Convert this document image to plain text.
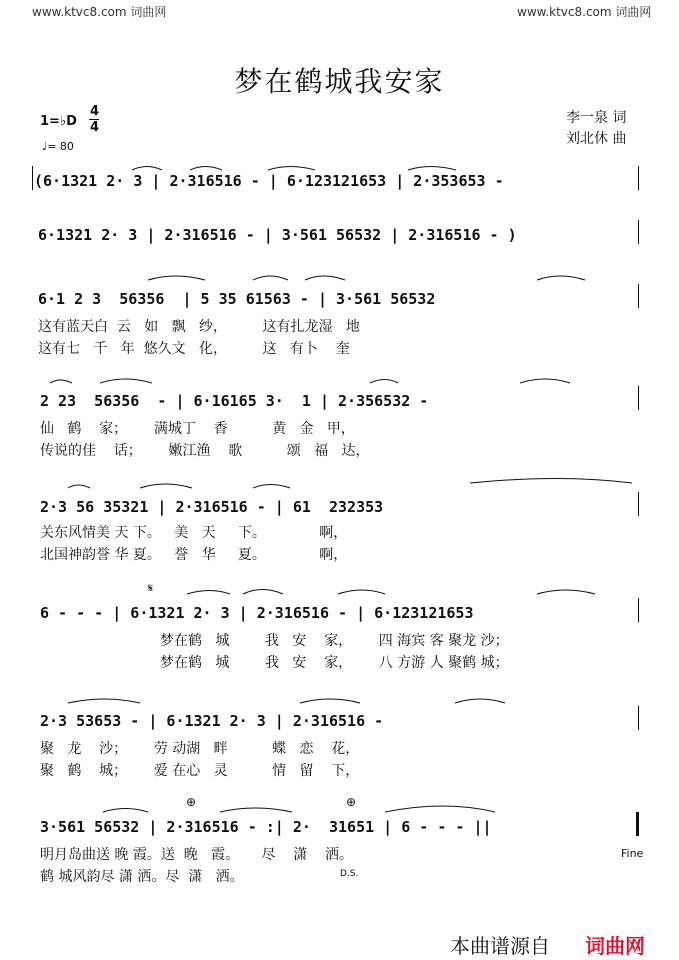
www.ktvc8.com 词曲网	www.ktvc8.com 词曲网
梦在鹤城我安家
李一泉 词
刘北休 曲
1=♭D
4
4
♩= 80
𝄋
⊕	⊕
(6·1321 2· 3 | 2·316516 - | 6·123121653 | 2·353653 -
6·1321 2· 3 | 2·316516 - | 3·561 56532 | 2·316516 - )
6·1 2 3  56356  | 5 35 61563 - | 3·561 56532
这有蓝天白  云   如   飘   纱，        这有扎龙湿   地
这有七   千   年  悠久文   化，        这   有卜    奎
2 23  56356  - | 6·16165 3·  1 | 2·356532 -
仙   鹤    家；      满城丁    香          黄   金   甲，
传说的佳    话；      嫩江渔    歌          颂   福   达，
2·3 56 35321 | 2·316516 - | 61  232353
关东风情美 天 下。   美   天     下。            啊，
北国神韵誉 华 夏。   誉   华     夏。            啊，
6 - - - | 6·1321 2· 3 | 2·316516 - | 6·123121653
梦在鹤   城        我   安    家，      四 海宾 客 聚龙 沙；
梦在鹤   城        我   安    家，      八 方游 人 聚鹤 城；
2·3 53653 - | 6·1321 2· 3 | 2·316516 -
聚   龙    沙；      劳 动湖   畔          蝶   恋    花，
聚   鹤    城；      爱 在心   灵          情   留    下，
3·561 56532 | 2·316516 - :| 2·  31651 | 6 - - - ||
明月岛曲送 晚 霞。送  晚   霞。     尽    潇    洒。
鹤 城风韵尽 潇 洒。尽  潇   洒。
Fine
D.S.
本曲谱源自 词曲网
